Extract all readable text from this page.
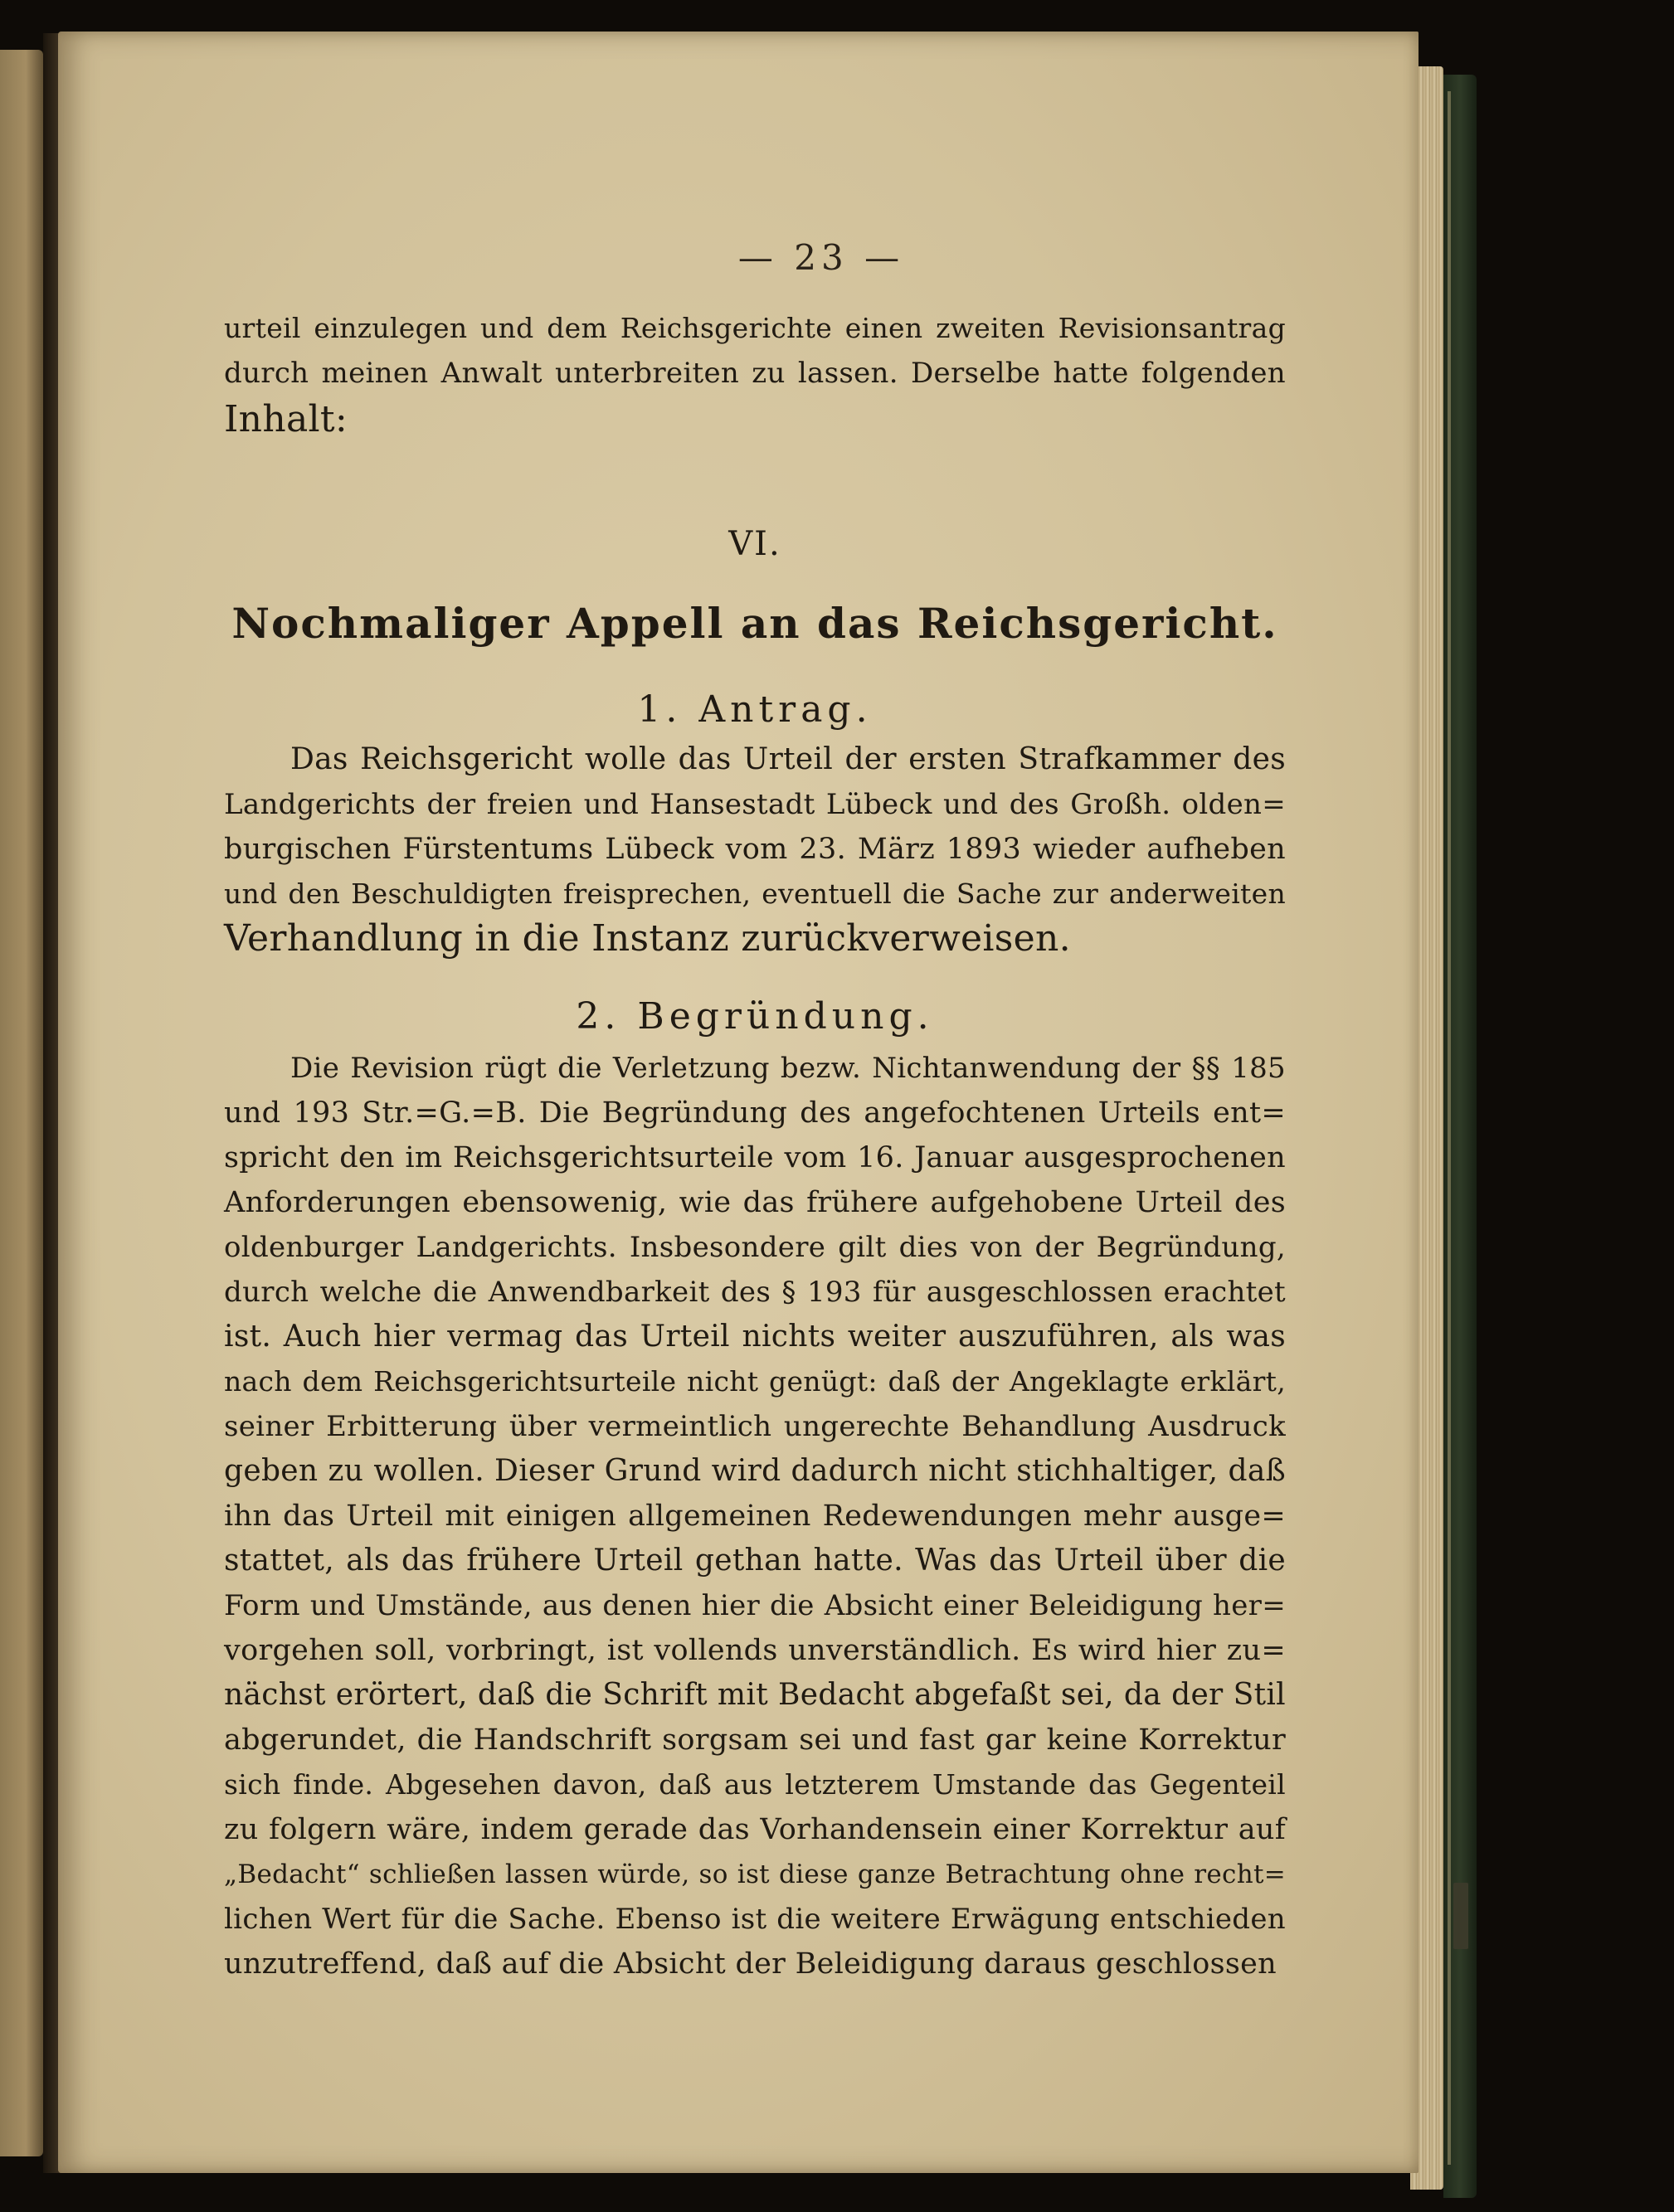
— 23 —
urteil einzulegen und dem Reichsgerichte einen zweiten Revisionsantrag
durch meinen Anwalt unterbreiten zu lassen. Derselbe hatte folgenden
Inhalt:
VI.
Nochmaliger Appell an das Reichsgericht.
1. Antrag.
Das Reichsgericht wolle das Urteil der ersten Strafkammer des
Landgerichts der freien und Hansestadt Lübeck und des Großh. olden=
burgischen Fürstentums Lübeck vom 23. März 1893 wieder aufheben
und den Beschuldigten freisprechen, eventuell die Sache zur anderweiten
Verhandlung in die Instanz zurückverweisen.
2. Begründung.
Die Revision rügt die Verletzung bezw. Nichtanwendung der §§ 185
und 193 Str.=G.=B. Die Begründung des angefochtenen Urteils ent=
spricht den im Reichsgerichtsurteile vom 16. Januar ausgesprochenen
Anforderungen ebensowenig, wie das frühere aufgehobene Urteil des
oldenburger Landgerichts. Insbesondere gilt dies von der Begründung,
durch welche die Anwendbarkeit des § 193 für ausgeschlossen erachtet
ist. Auch hier vermag das Urteil nichts weiter auszuführen, als was
nach dem Reichsgerichtsurteile nicht genügt: daß der Angeklagte erklärt,
seiner Erbitterung über vermeintlich ungerechte Behandlung Ausdruck
geben zu wollen. Dieser Grund wird dadurch nicht stichhaltiger, daß
ihn das Urteil mit einigen allgemeinen Redewendungen mehr ausge=
stattet, als das frühere Urteil gethan hatte. Was das Urteil über die
Form und Umstände, aus denen hier die Absicht einer Beleidigung her=
vorgehen soll, vorbringt, ist vollends unverständlich. Es wird hier zu=
nächst erörtert, daß die Schrift mit Bedacht abgefaßt sei, da der Stil
abgerundet, die Handschrift sorgsam sei und fast gar keine Korrektur
sich finde. Abgesehen davon, daß aus letzterem Umstande das Gegenteil
zu folgern wäre, indem gerade das Vorhandensein einer Korrektur auf
„Bedacht“ schließen lassen würde, so ist diese ganze Betrachtung ohne recht=
lichen Wert für die Sache. Ebenso ist die weitere Erwägung entschieden
unzutreffend, daß auf die Absicht der Beleidigung daraus geschlossen
